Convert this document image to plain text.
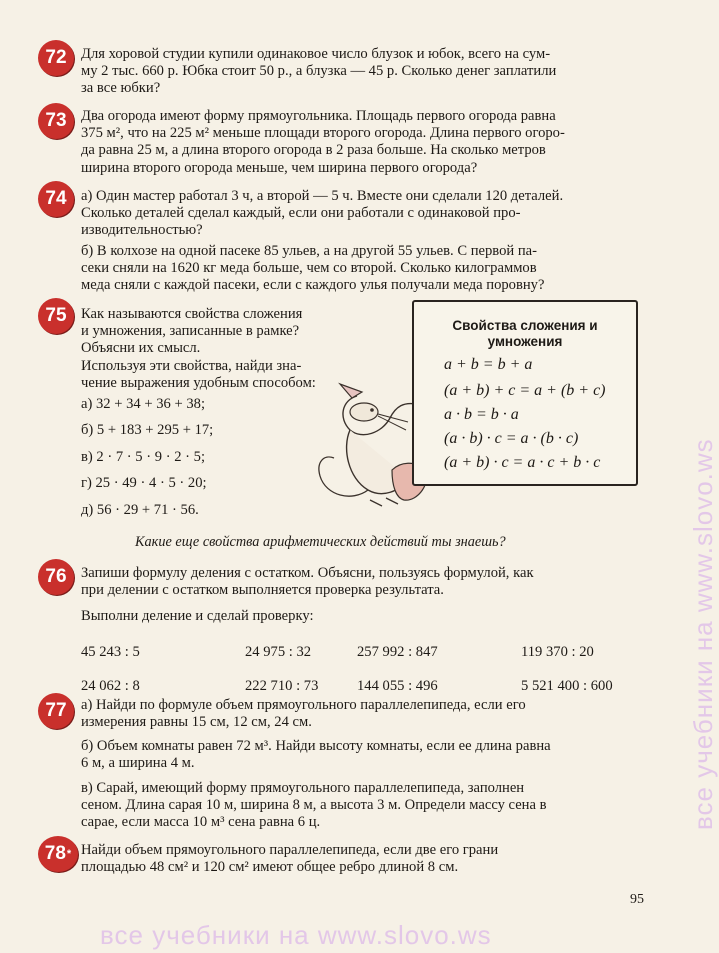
72 Для хоровой студии купили одинаковое число блузок и юбок, всего на сум-
му 2 тыс. 660 р. Юбка стоит 50 р., а блузка — 45 р. Сколько денег заплатили
за все юбки?
73 Два огорода имеют форму прямоугольника. Площадь первого огорода равна
375 м², что на 225 м² меньше площади второго огорода. Длина первого огоро-
да равна 25 м, а длина второго огорода в 2 раза больше. На сколько метров
ширина второго огорода меньше, чем ширина первого огорода?
74 а) Один мастер работал 3 ч, а второй — 5 ч. Вместе они сделали 120 деталей.
Сколько деталей сделал каждый, если они работали с одинаковой про-
изводительностью?
б) В колхозе на одной пасеке 85 ульев, а на другой 55 ульев. С первой па-
секи сняли на 1620 кг меда больше, чем со второй. Сколько килограммов
меда сняли с каждой пасеки, если с каждого улья получали меда поровну?
75 Как называются свойства сложения
и умножения, записанные в рамке?
Объясни их смысл.
Используя эти свойства, найди зна-
чение выражения удобным способом:
а) 32 + 34 + 36 + 38;
б) 5 + 183 + 295 + 17;
в) 2 · 7 · 5 · 9 · 2 · 5;
г) 25 · 49 · 4 · 5 · 20;
д) 56 · 29 + 71 · 56.
Свойства сложения и умножения
a + b = b + a
(a + b) + c = a + (b + c)
a · b = b · a
(a · b) · c = a · (b · c)
(a + b) · c = a · c + b · c
Какие еще свойства арифметических действий ты знаешь?
76 Запиши формулу деления с остатком. Объясни, пользуясь формулой, как
при делении с остатком выполняется проверка результата.
Выполни деление и сделай проверку:
45 243 : 5	24 975 : 32	257 992 : 847	119 370 : 20
24 062 : 8	222 710 : 73	144 055 : 496	5 521 400 : 600
77 а) Найди по формуле объем прямоугольного параллелепипеда, если его
измерения равны 15 см, 12 см, 24 см.
б) Объем комнаты равен 72 м³. Найди высоту комнаты, если ее длина равна
6 м, а ширина 4 м.
в) Сарай, имеющий форму прямоугольного параллелепипеда, заполнен
сеном. Длина сарая 10 м, ширина 8 м, а высота 3 м. Определи массу сена в
сарае, если масса 10 м³ сена равна 6 ц.
78 * Найди объем прямоугольного параллелепипеда, если две его грани
площадью 48 см² и 120 см² имеют общее ребро длиной 8 см.
95
все учебники на www.slovo.ws
все учебники на www.slovo.ws
